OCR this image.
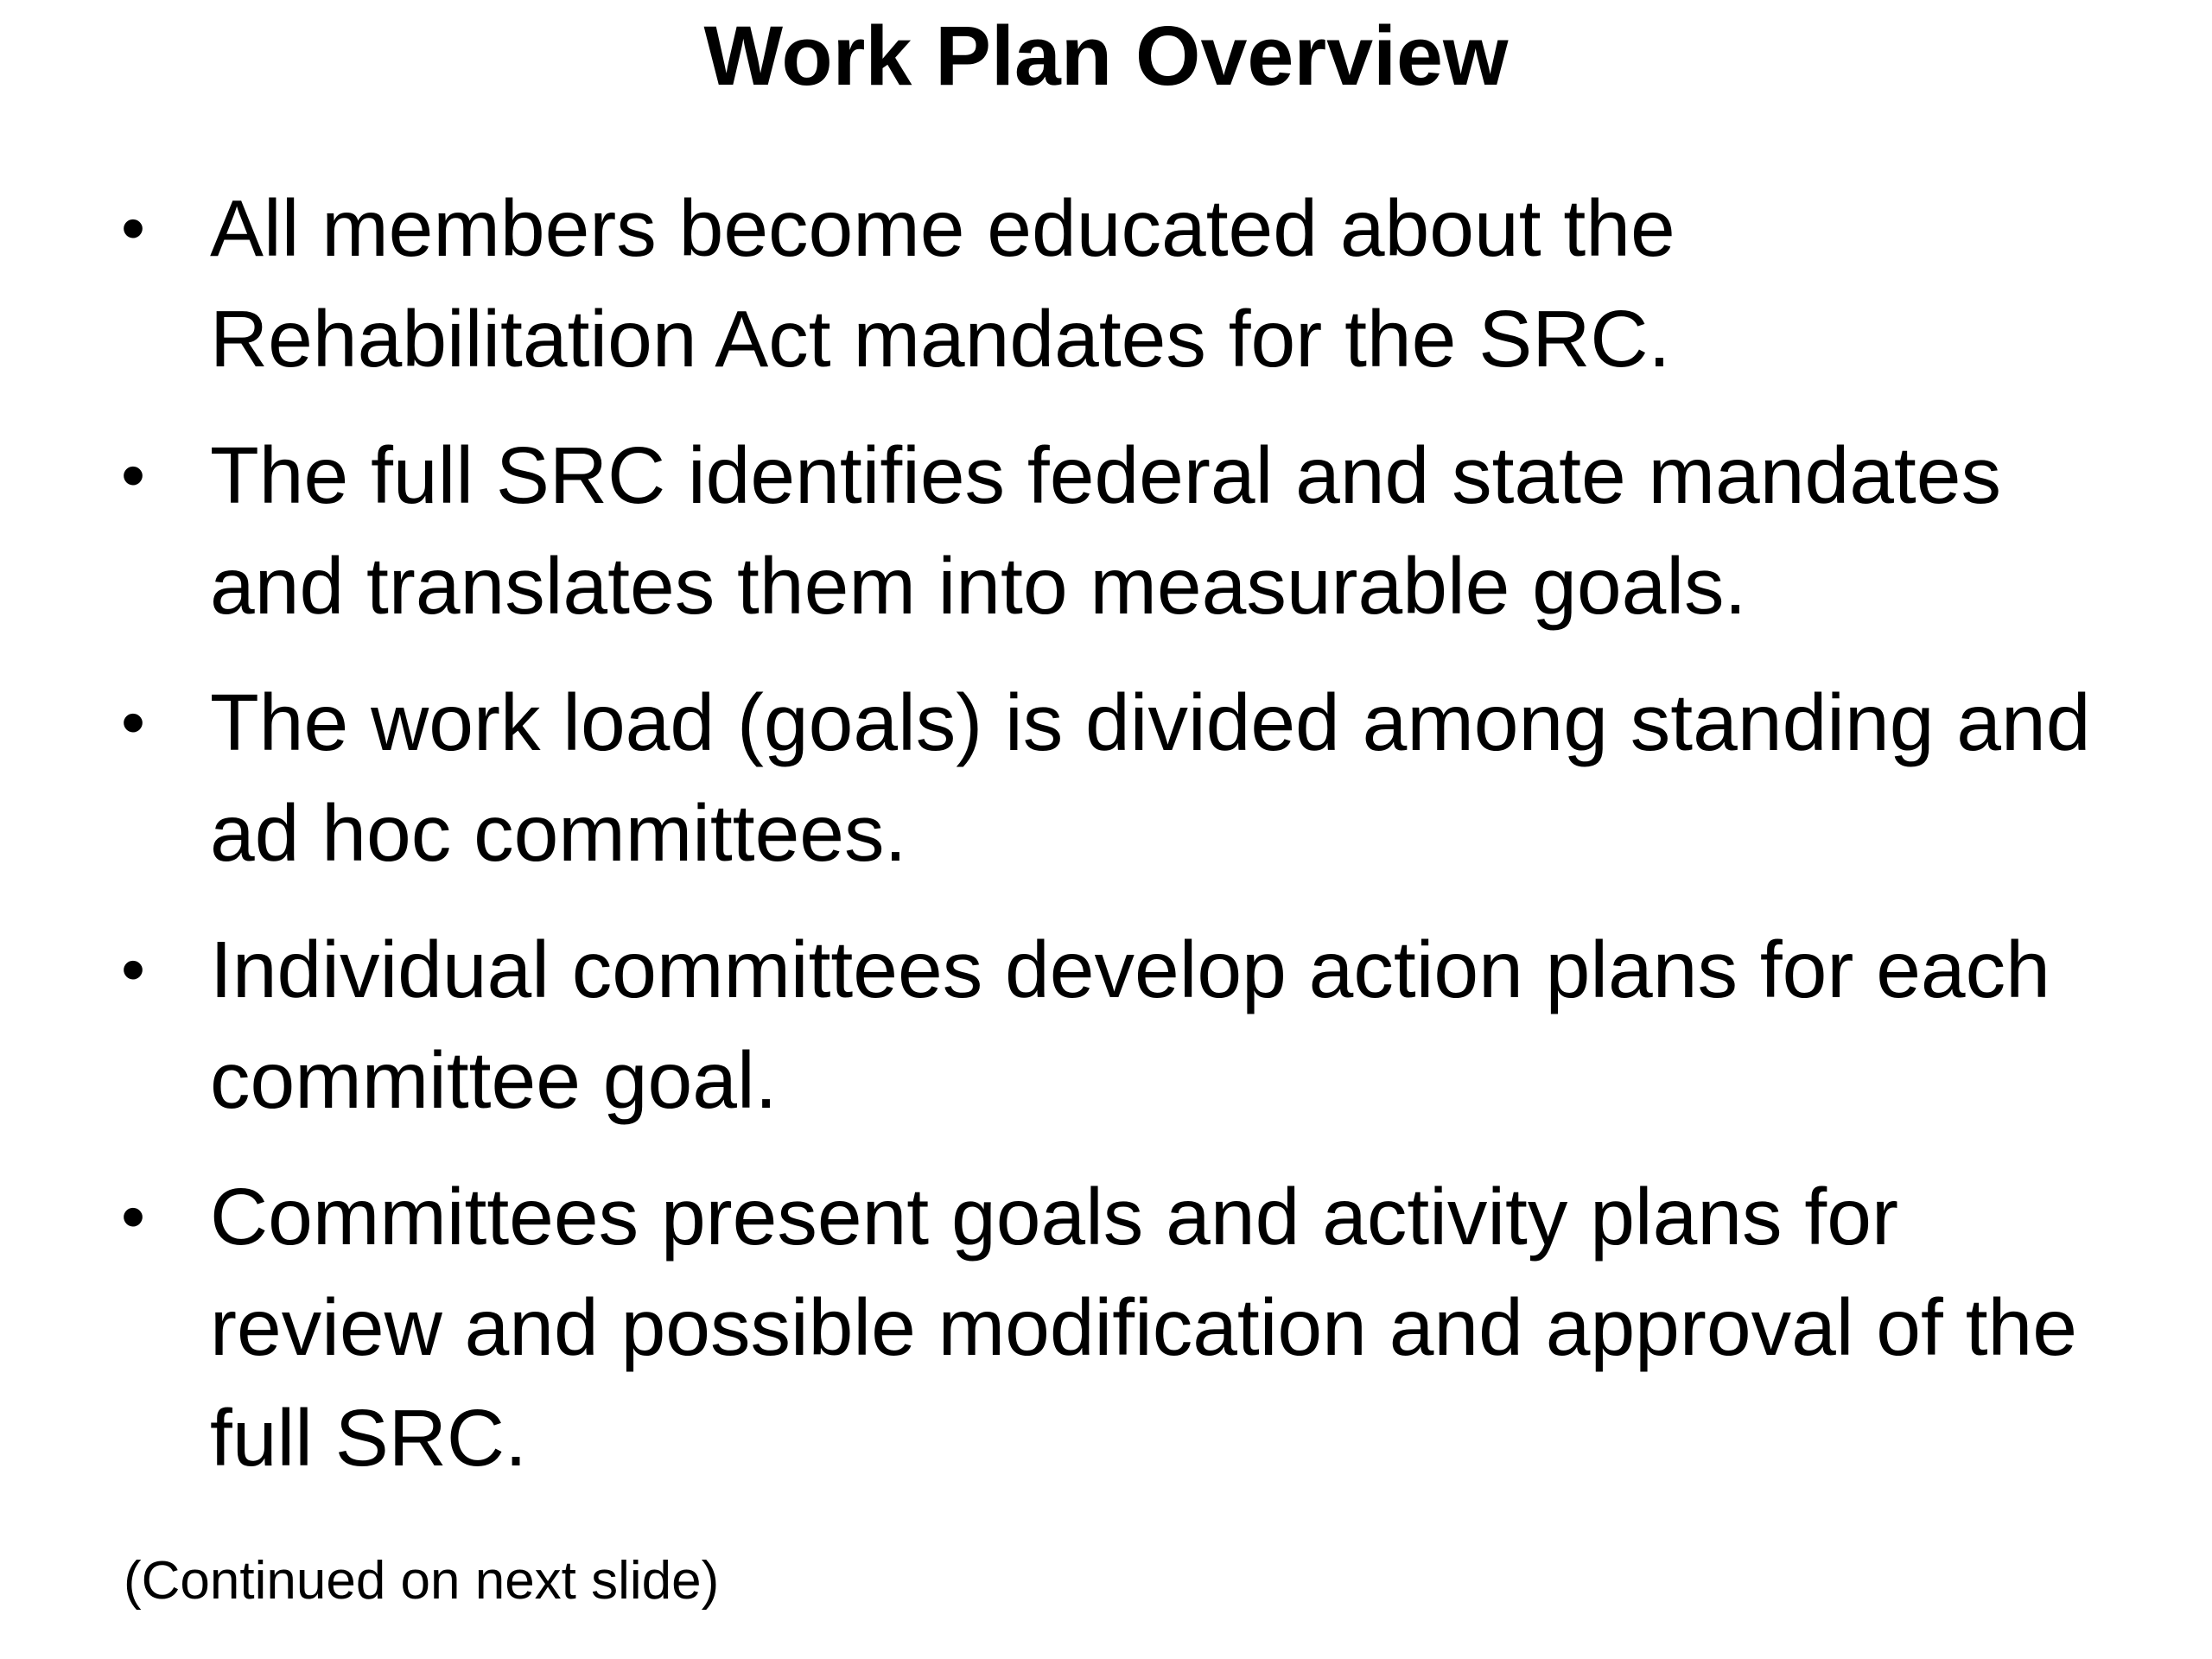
Work Plan Overview
• All members become educated about the Rehabilitation Act mandates for the SRC.
• The full SRC identifies federal and state mandates and translates them into measurable goals.
• The work load (goals) is divided among standing and ad hoc committees.
• Individual committees develop action plans for each committee goal.
• Committees present goals and activity plans for review and possible modification and approval of the full SRC.
(Continued on next slide)
